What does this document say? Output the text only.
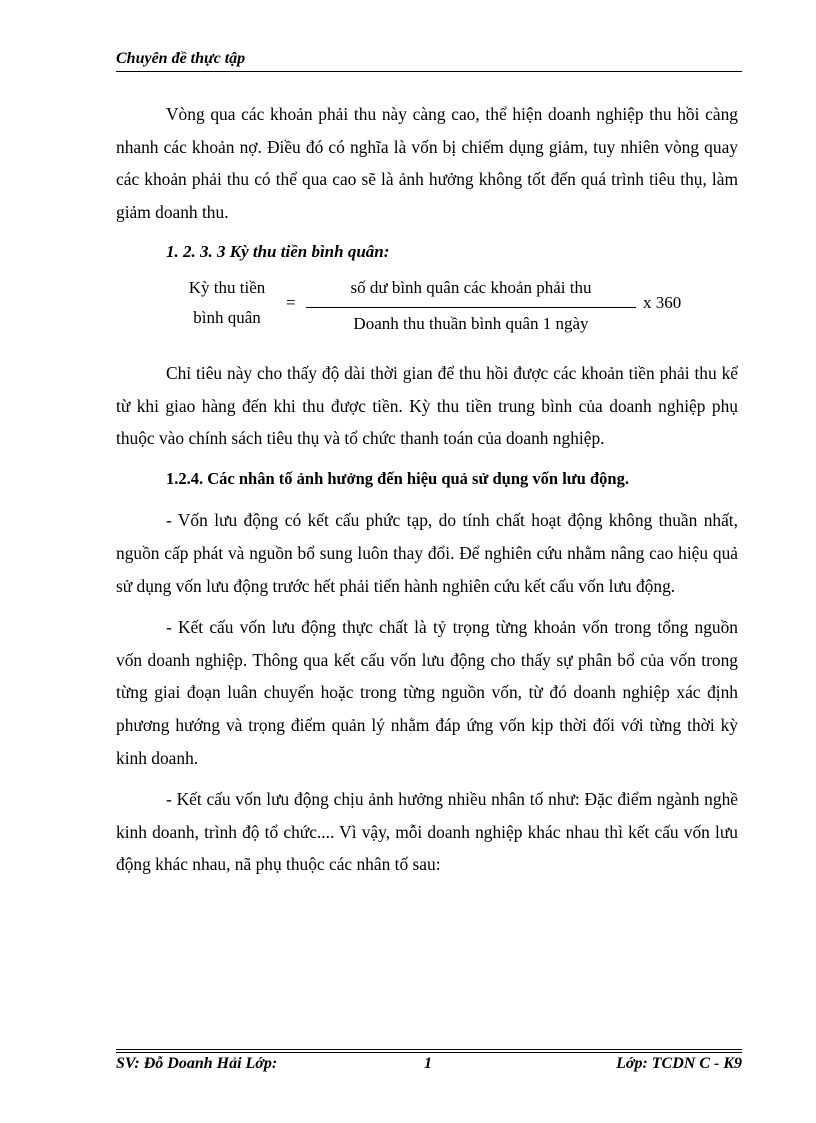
Chuyên đề thực tập

Vòng qua các khoản phải thu này càng cao, thể hiện doanh nghiệp thu hồi càng nhanh các khoản nợ. Điều đó có nghĩa là vốn bị chiếm dụng giảm, tuy nhiên vòng quay các khoản phải thu có thể qua cao sẽ là ảnh hưởng không tốt đến quá trình tiêu thụ, làm giảm doanh thu.

1. 2. 3. 3 Kỳ thu tiền bình quân:
Kỳ thu tiền
bình quân
=
số dư bình quân các khoản phải thu
Doanh thu thuần bình quân 1 ngày
x 360

Chỉ tiêu này cho thấy độ dài thời gian để thu hồi được các khoản tiền phải thu kể từ khi giao hàng đến khi thu được tiền. Kỳ thu tiền trung bình của doanh nghiệp phụ thuộc vào chính sách tiêu thụ và tổ chức thanh toán của doanh nghiệp.

1.2.4. Các nhân tố ảnh hưởng đến hiệu quả sử dụng vốn lưu động.

- Vốn lưu động có kết cấu phức tạp, do tính chất hoạt động không thuần nhất, nguồn cấp phát và nguồn bổ sung luôn thay đổi. Để nghiên cứu nhằm nâng cao hiệu quả sử dụng vốn lưu động trước hết phải tiến hành nghiên cứu kết cấu vốn lưu động.

- Kết cấu vốn lưu động thực chất là tỷ trọng từng khoản vốn trong tổng nguồn vốn doanh nghiệp. Thông qua kết cấu vốn lưu động cho thấy sự phân bổ của vốn trong từng giai đoạn luân chuyển hoặc trong từng nguồn vốn, từ đó doanh nghiệp xác định phương hướng và trọng điểm quản lý nhằm đáp ứng vốn kịp thời đối với từng thời kỳ kinh doanh.

- Kết cấu vốn lưu động chịu ảnh hưởng nhiều nhân tố như: Đặc điểm ngành nghề kinh doanh, trình độ tổ chức.... Vì vậy, mỗi doanh nghiệp khác nhau thì kết cấu vốn lưu động khác nhau, nã phụ thuộc các nhân tố sau:

SV: Đỗ Doanh Hải Lớp:	1	Lớp: TCDN C - K9
